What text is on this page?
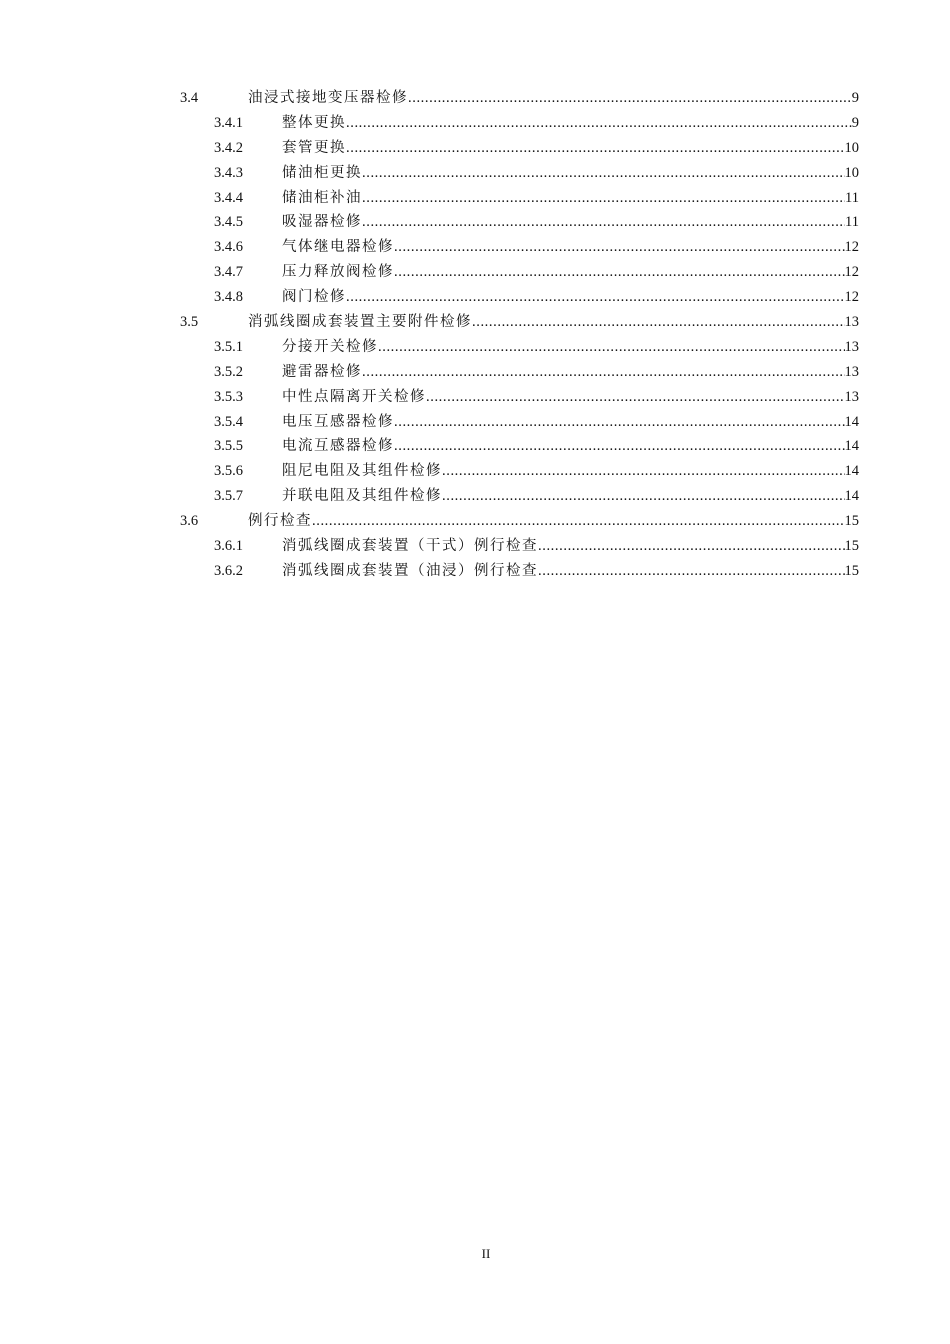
3.4	油浸式接地变压器检修 .....	9
3.4.1	整体更换 .....	9
3.4.2	套管更换 .....	10
3.4.3	储油柜更换 .....	10
3.4.4	储油柜补油 .....	11
3.4.5	吸湿器检修 .....	11
3.4.6	气体继电器检修 .....	12
3.4.7	压力释放阀检修 .....	12
3.4.8	阀门检修 .....	12
3.5	消弧线圈成套装置主要附件检修 .....	13
3.5.1	分接开关检修 .....	13
3.5.2	避雷器检修 .....	13
3.5.3	中性点隔离开关检修 .....	13
3.5.4	电压互感器检修 .....	14
3.5.5	电流互感器检修 .....	14
3.5.6	阻尼电阻及其组件检修 .....	14
3.5.7	并联电阻及其组件检修 .....	14
3.6	例行检查 .....	15
3.6.1	消弧线圈成套装置（干式）例行检查 .....	15
3.6.2	消弧线圈成套装置（油浸）例行检查 .....	15
II
